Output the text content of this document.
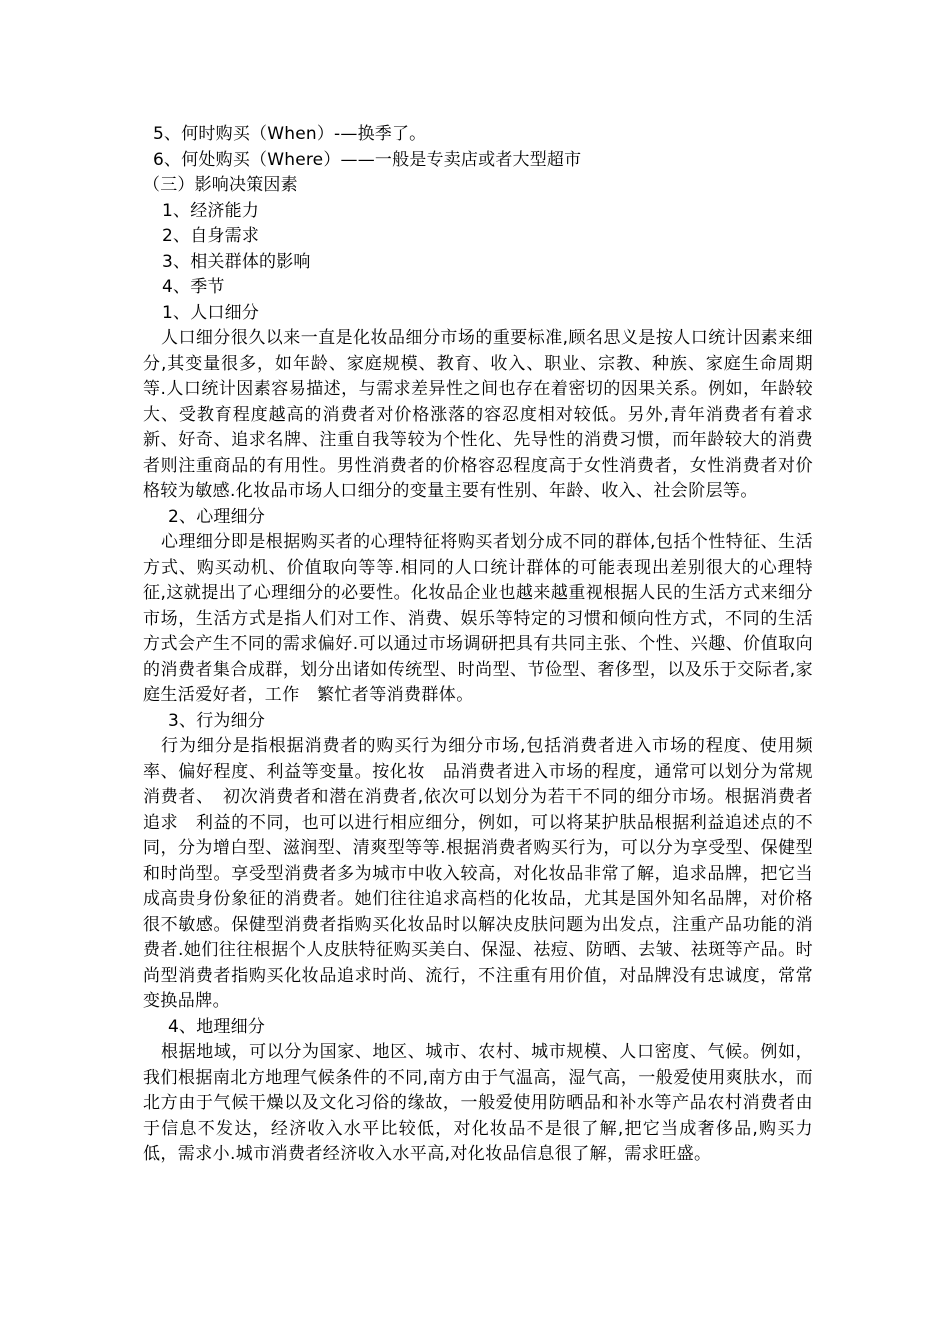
5、何时购买（When）-—换季了。
6、何处购买（Where）——一般是专卖店或者大型超市
（三）影响决策因素
1、经济能力
2、自身需求
3、相关群体的影响
4、季节
1、人口细分

人口细分很久以来一直是化妆品细分市场的重要标准,顾名思义是按人口统计因素来细分,其变量很多，如年龄、家庭规模、教育、收入、职业、宗教、种族、家庭生命周期等.人口统计因素容易描述，与需求差异性之间也存在着密切的因果关系。例如，年龄较大、受教育程度越高的消费者对价格涨落的容忍度相对较低。另外,青年消费者有着求新、好奇、追求名牌、注重自我等较为个性化、先导性的消费习惯，而年龄较大的消费者则注重商品的有用性。男性消费者的价格容忍程度高于女性消费者，女性消费者对价格较为敏感.化妆品市场人口细分的变量主要有性别、年龄、收入、社会阶层等。

2、心理细分

心理细分即是根据购买者的心理特征将购买者划分成不同的群体,包括个性特征、生活方式、购买动机、价值取向等等.相同的人口统计群体的可能表现出差别很大的心理特征,这就提出了心理细分的必要性。化妆品企业也越来越重视根据人民的生活方式来细分市场，生活方式是指人们对工作、消费、娱乐等特定的习惯和倾向性方式，不同的生活方式会产生不同的需求偏好.可以通过市场调研把具有共同主张、个性、兴趣、价值取向的消费者集合成群，划分出诸如传统型、时尚型、节俭型、奢侈型，以及乐于交际者,家庭生活爱好者，工作　繁忙者等消费群体。

3、行为细分

行为细分是指根据消费者的购买行为细分市场,包括消费者进入市场的程度、使用频率、偏好程度、利益等变量。按化妆　品消费者进入市场的程度，通常可以划分为常规消费者、　初次消费者和潜在消费者,依次可以划分为若干不同的细分市场。根据消费者追求　利益的不同，也可以进行相应细分，例如，可以将某护肤品根据利益追述点的不同，分为增白型、滋润型、清爽型等等.根据消费者购买行为，可以分为享受型、保健型和时尚型。享受型消费者多为城市中收入较高，对化妆品非常了解，追求品牌，把它当成高贵身份象征的消费者。她们往往追求高档的化妆品，尤其是国外知名品牌，对价格很不敏感。保健型消费者指购买化妆品时以解决皮肤问题为出发点，注重产品功能的消费者.她们往往根据个人皮肤特征购买美白、保湿、祛痘、防晒、去皱、祛斑等产品。时尚型消费者指购买化妆品追求时尚、流行，不注重有用价值，对品牌没有忠诚度，常常变换品牌。

4、地理细分

根据地域，可以分为国家、地区、城市、农村、城市规模、人口密度、气候。例如，我们根据南北方地理气候条件的不同,南方由于气温高，湿气高，一般爱使用爽肤水，而北方由于气候干燥以及文化习俗的缘故，一般爱使用防晒品和补水等产品农村消费者由于信息不发达，经济收入水平比较低，对化妆品不是很了解,把它当成奢侈品,购买力低，需求小.城市消费者经济收入水平高,对化妆品信息很了解，需求旺盛。
